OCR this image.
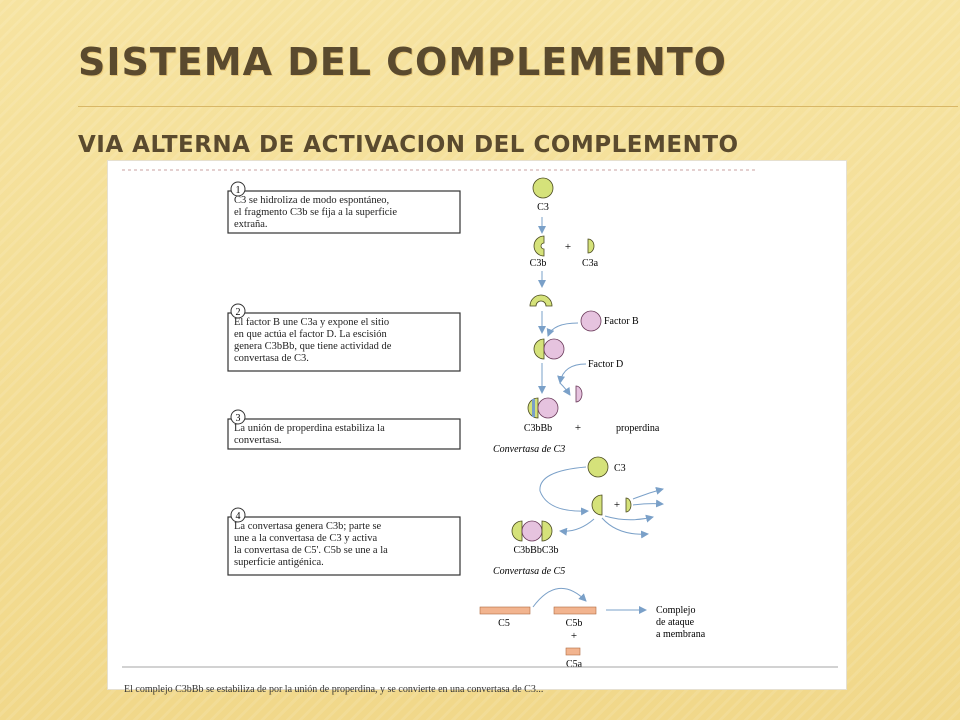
SISTEMA DEL COMPLEMENTO
VIA ALTERNA DE ACTIVACION DEL COMPLEMENTO
1
C3 se hidroliza de modo espontáneo,
el fragmento C3b se fija a la superficie
extraña.
2
El factor B une C3a y expone el sitio
en que actúa el factor D. La escisión
genera C3bBb, que tiene actividad de
convertasa de C3.
3
La unión de properdina estabiliza la
convertasa.
4
La convertasa genera C3b; parte se
une a la convertasa de C3 y activa
la convertasa de C5'. C5b se une a la
superficie antigénica.
C3
C3b
+
C3a
Factor B
Factor D
C3bBb +	properdina
Convertasa de C3
C3
+
C3bBbC3b
Convertasa de C5
C5	C5b
+
C5a
Complejo
de ataque
a membrana
El complejo C3bBb se estabiliza de por la unión de properdina, y se convierte en una convertasa de C3...
